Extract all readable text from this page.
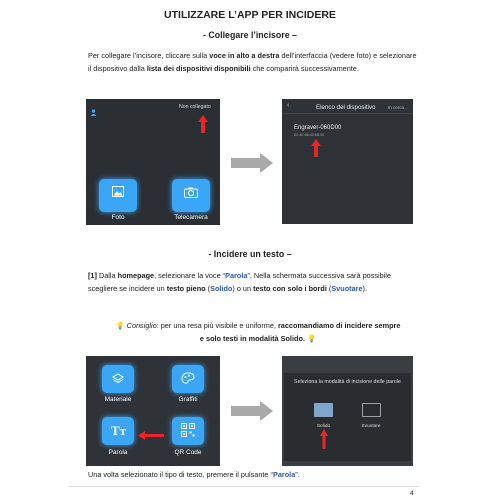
UTILIZZARE L’APP PER INCIDERE
- Collegare l’incisore –
Per collegare l’incisore, cliccare sulla voce in alto a destra dell’interfaccia (vedere foto) e selezionare il dispositivo dalla lista dei dispositivi disponibili che comparirà successivamente.
Non collegato
Foto	Telecamera
‹	Elenco del dispositivo	In cerca...
Engraver-060D00
6C:4E:8A:40:6D:00
- Incidere un testo –
[1] Dalla homepage, selezionare la voce “Parola”. Nella schermata successiva sarà possibile scegliere se incidere un testo pieno (Solido) o un testo con solo i bordi (Svuotare).
💡 Consiglio: per una resa più visibile e uniforme, raccomandiamo di incidere sempre
e solo testi in modalità Solido. 💡
Materiale	Graffiti
Tт
Parola	QR Code
Seleziona la modalità di incisione delle parole
Solido	Svuotare
Una volta selezionato il tipo di testo, premere il pulsante “Parola”.
4
